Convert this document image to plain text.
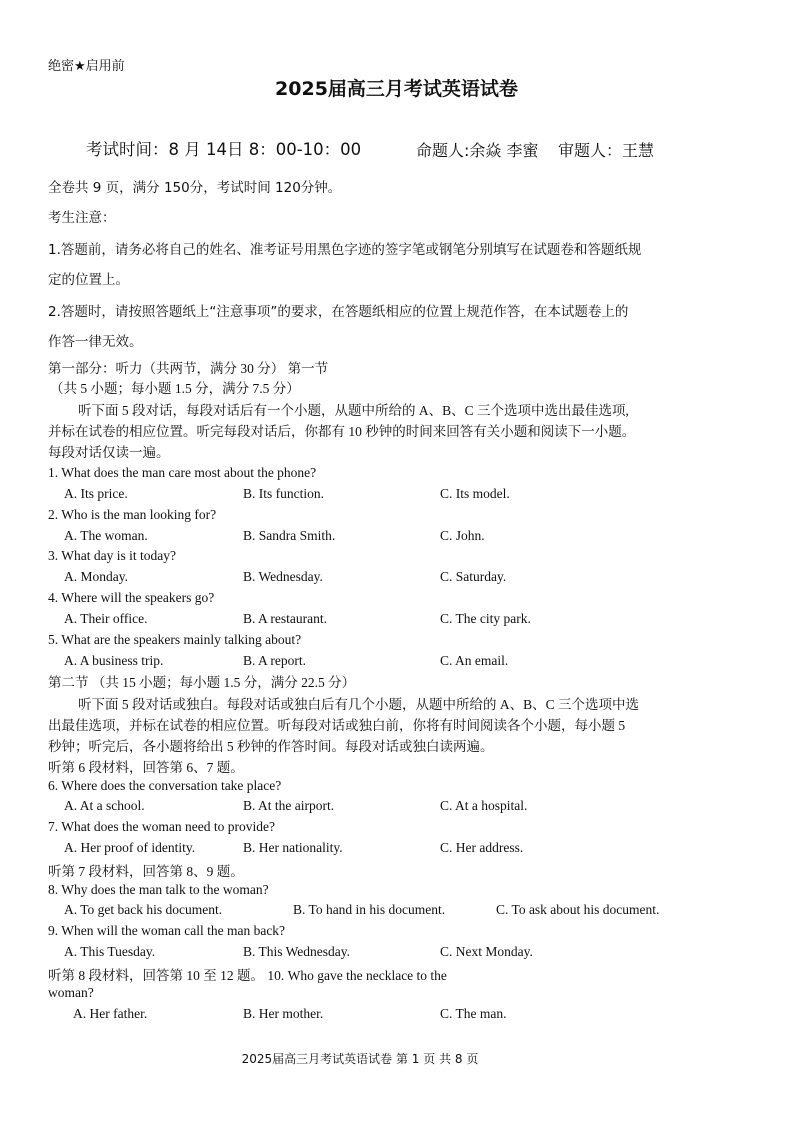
绝密★启用前
2025届高三月考试英语试卷
考试时间：8 月 14日 8：00-10：00	命题人:余焱 李蜜 审题人：王慧
全卷共 9 页，满分 150分，考试时间 120分钟。
考生注意：
1.答题前，请务必将自己的姓名、准考证号用黑色字迹的签字笔或钢笔分别填写在试题卷和答题纸规
定的位置上。
2.答题时，请按照答题纸上“注意事项”的要求，在答题纸相应的位置上规范作答，在本试题卷上的
作答一律无效。
第一部分：听力（共两节，满分 30 分） 第一节
（共 5 小题；每小题 1.5 分，满分 7.5 分）
听下面 5 段对话，每段对话后有一个小题，从题中所给的 A、B、C 三个选项中选出最佳选项,
并标在试卷的相应位置。听完每段对话后，你都有 10 秒钟的时间来回答有关小题和阅读下一小题。
每段对话仅读一遍。
1. What does the man care most about the phone?
A. Its price.	B. Its function.	C. Its model.
2. Who is the man looking for?
A. The woman.	B. Sandra Smith.	C. John.
3. What day is it today?
A. Monday.	B. Wednesday.	C. Saturday.
4. Where will the speakers go?
A. Their office.	B. A restaurant.	C. The city park.
5. What are the speakers mainly talking about?
A. A business trip.	B. A report.	C. An email.
第二节 （共 15 小题；每小题 1.5 分，满分 22.5 分）
听下面 5 段对话或独白。每段对话或独白后有几个小题，从题中所给的 A、B、C 三个选项中选
出最佳选项，并标在试卷的相应位置。听每段对话或独白前，你将有时间阅读各个小题，每小题 5
秒钟；听完后，各小题将给出 5 秒钟的作答时间。每段对话或独白读两遍。
听第 6 段材料，回答第 6、7 题。
6. Where does the conversation take place?
A. At a school.	B. At the airport.	C. At a hospital.
7. What does the woman need to provide?
A. Her proof of identity.	B. Her nationality.	C. Her address.
听第 7 段材料，回答第 8、9 题。
8. Why does the man talk to the woman?
A. To get back his document.	B. To hand in his document.	C. To ask about his document.
9. When will the woman call the man back?
A. This Tuesday.	B. This Wednesday.	C. Next Monday.
听第 8 段材料，回答第 10 至 12 题。 10. Who gave the necklace to the
woman?
A. Her father.	B. Her mother.	C. The man.
2025届高三月考试英语试卷 第 1 页 共 8 页
